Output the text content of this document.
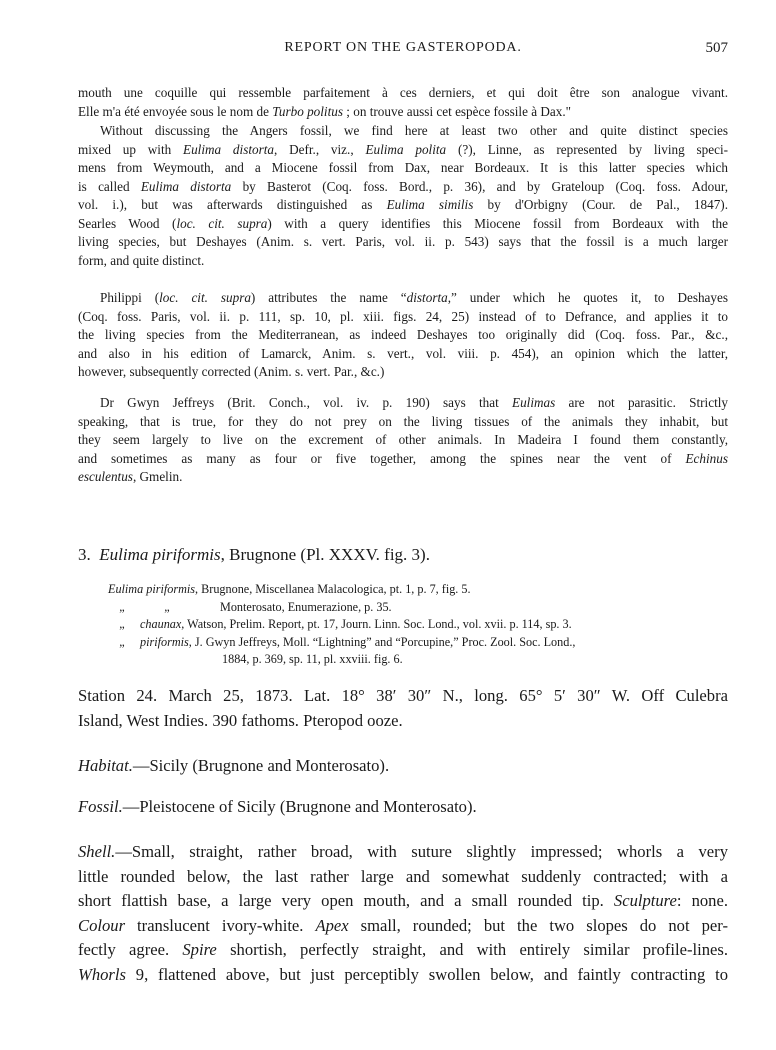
REPORT ON THE GASTEROPODA.	507
mouth une coquille qui ressemble parfaitement à ces derniers, et qui doit être son analogue vivant.
Elle m'a été envoyée sous le nom de Turbo politus ; on trouve aussi cet espèce fossile à Dax."
Without discussing the Angers fossil, we find here at least two other and quite distinct species
mixed up with Eulima distorta, Defr., viz., Eulima polita (?), Linne, as represented by living speci-
mens from Weymouth, and a Miocene fossil from Dax, near Bordeaux. It is this latter species which
is called Eulima distorta by Basterot (Coq. foss. Bord., p. 36), and by Grateloup (Coq. foss. Adour,
vol. i.), but was afterwards distinguished as Eulima similis by d'Orbigny (Cour. de Pal., 1847).
Searles Wood (loc. cit. supra) with a query identifies this Miocene fossil from Bordeaux with the
living species, but Deshayes (Anim. s. vert. Paris, vol. ii. p. 543) says that the fossil is a much larger
form, and quite distinct.
Philippi (loc. cit. supra) attributes the name “distorta,” under which he quotes it, to Deshayes
(Coq. foss. Paris, vol. ii. p. 111, sp. 10, pl. xiii. figs. 24, 25) instead of to Defrance, and applies it to
the living species from the Mediterranean, as indeed Deshayes too originally did (Coq. foss. Par., &c.,
and also in his edition of Lamarck, Anim. s. vert., vol. viii. p. 454), an opinion which the latter,
however, subsequently corrected (Anim. s. vert. Par., &c.)
Dr Gwyn Jeffreys (Brit. Conch., vol. iv. p. 190) says that Eulimas are not parasitic. Strictly
speaking, that is true, for they do not prey on the living tissues of the animals they inhabit, but
they seem largely to live on the excrement of other animals. In Madeira I found them constantly,
and sometimes as many as four or five together, among the spines near the vent of Echinus
esculentus, Gmelin.
3. Eulima piriformis, Brugnone (Pl. XXXV. fig. 3).
Eulima
piriformis , Brugnone, Miscellanea Malacologica, pt. 1, p. 7, fig. 5.
„	„	Monterosato, Enumerazione, p. 35.
„	chaunax , Watson, Prelim. Report, pt. 17, Journ. Linn. Soc. Lond., vol. xvii. p. 114, sp. 3.
„	piriformis , J. Gwyn Jeffreys, Moll. “Lightning” and “Porcupine,” Proc. Zool. Soc. Lond.,
1884, p. 369, sp. 11, pl. xxviii. fig. 6.
Station 24. March 25, 1873. Lat. 18° 38′ 30″ N., long. 65° 5′ 30″ W. Off Culebra
Island, West Indies. 390 fathoms. Pteropod ooze.
Habitat.—Sicily (Brugnone and Monterosato).
Fossil.—Pleistocene of Sicily (Brugnone and Monterosato).
Shell.—Small, straight, rather broad, with suture slightly impressed; whorls a very
little rounded below, the last rather large and somewhat suddenly contracted; with a
short flattish base, a large very open mouth, and a small rounded tip. Sculpture: none.
Colour translucent ivory-white. Apex small, rounded; but the two slopes do not per-
fectly agree. Spire shortish, perfectly straight, and with entirely similar profile-lines.
Whorls 9, flattened above, but just perceptibly swollen below, and faintly contracting to
